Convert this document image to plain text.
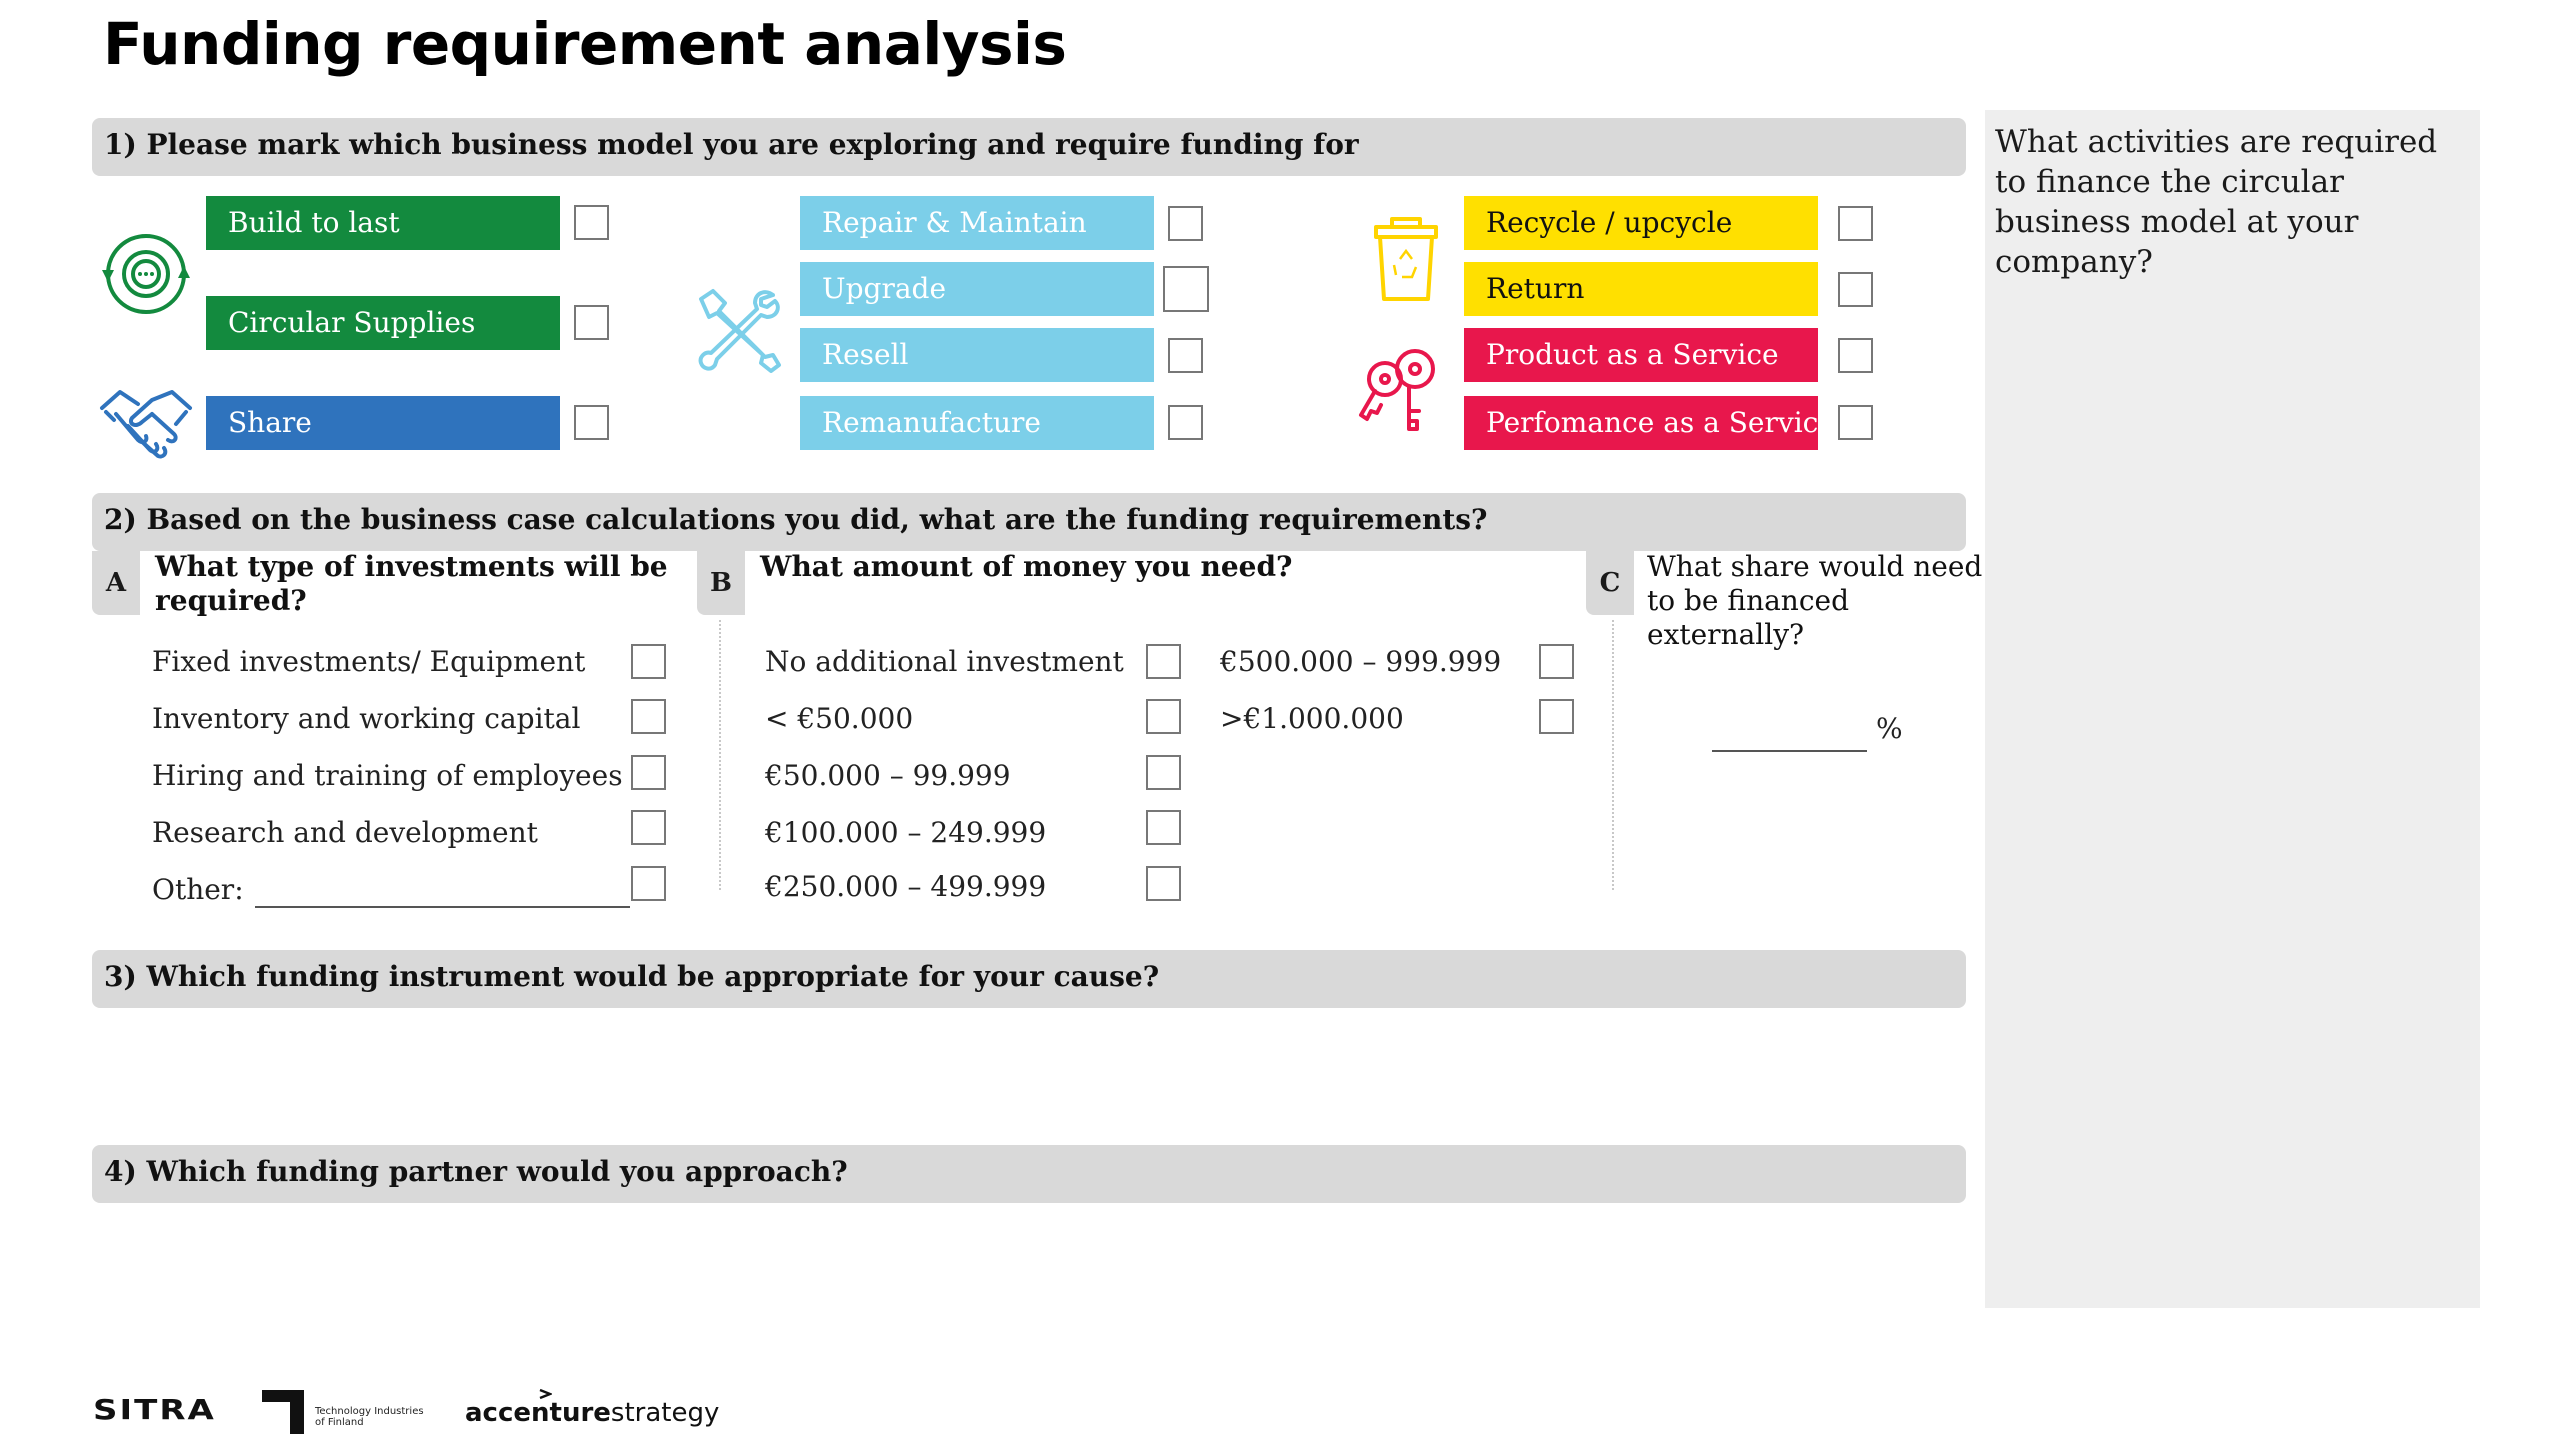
Funding requirement analysis
1) Please mark which business model you are exploring and require funding for
2) Based on the business case calculations you did, what are the funding requirements?
3) Which funding instrument would be appropriate for your cause?
4) Which funding partner would you approach?
What activities are required to finance the circular business model at your company?
Build to last
Circular Supplies
Share
Repair & Maintain
Upgrade
Resell
Remanufacture
Recycle / upcycle
Return
Product as a Service
Perfomance as a Service
A	What type of investments will be required?
Fixed investments/ Equipment
Inventory and working capital
Hiring and training of employees
Research and development
Other:
B	What amount of money you need?
No additional investment
< €50.000
€50.000 – 99.999
€100.000 – 249.999
€250.000 – 499.999
€500.000 – 999.999
>€1.000.000
C What share would need to be financed externally?
%
SITRA	Technology Industries
of Finland	accenturestrategy
